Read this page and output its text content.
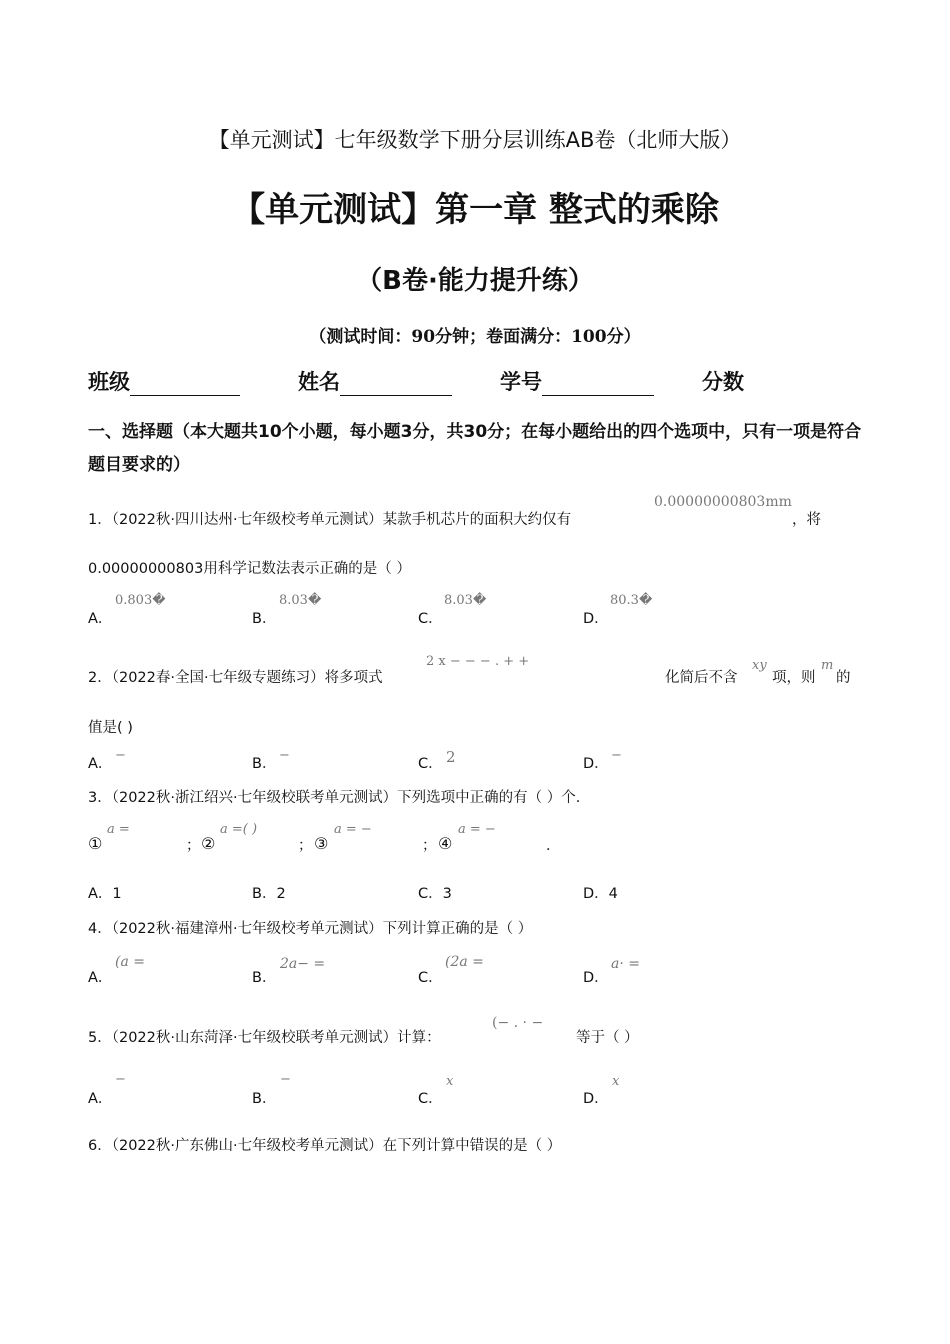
【单元测试】七年级数学下册分层训练AB卷（北师大版）
【单元测试】第一章 整式的乘除
（B卷·能力提升练）
（测试时间：90分钟；卷面满分：100分）
班级	姓名	学号	分数
一、选择题（本大题共10个小题，每小题3分，共30分；在每小题给出的四个选项中，只有一项是符合题目要求的）
1．（2022秋·四川达州·七年级校考单元测试）某款手机芯片的面积大约仅有
0.00000000803mm
，将
0.00000000803用科学记数法表示正确的是（ ）
A．
0.803�
B．
8.03�
C．
8.03�
D．
80.3�
2．（2022春·全国·七年级专题练习）将多项式
2 x − − − . + +
化简后不含
xy
项，则
m
的
值是( )
A．
−
B．
−
C． 2	D．
−
3．（2022秋·浙江绍兴·七年级校联考单元测试）下列选项中正确的有（ ）个．
①
a =
； ②
a =( )
； ③
a = −
； ④
a = −
．
A．1	B．2	C．3	D．4
4．（2022秋·福建漳州·七年级校考单元测试）下列计算正确的是（ ）
A．
(a =
B．
2a− =
C．
(2a =
D．
a· =
5．（2022秋·山东菏泽·七年级校联考单元测试）计算：
(− . · −
等于（ ）
A．
−
B．
−
C．
x
D．
x
6．（2022秋·广东佛山·七年级校考单元测试）在下列计算中错误的是（ ）
